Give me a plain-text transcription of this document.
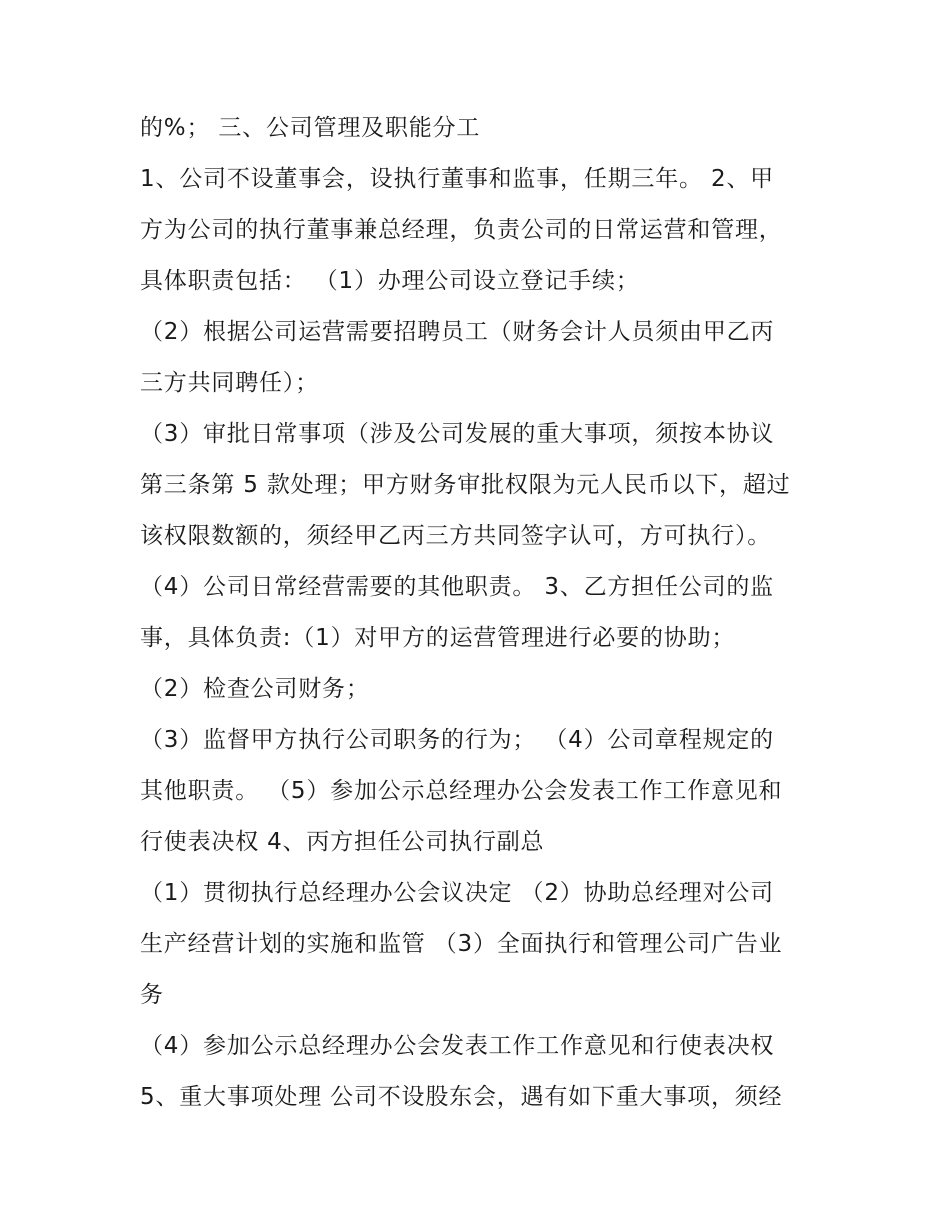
的%； 三、公司管理及职能分工
1、公司不设董事会，设执行董事和监事，任期三年。 2、甲
方为公司的执行董事兼总经理，负责公司的日常运营和管理，
具体职责包括： （1）办理公司设立登记手续；
（2）根据公司运营需要招聘员工（财务会计人员须由甲乙丙
三方共同聘任）；
（3）审批日常事项（涉及公司发展的重大事项，须按本协议
第三条第 5 款处理；甲方财务审批权限为元人民币以下，超过
该权限数额的，须经甲乙丙三方共同签字认可，方可执行）。
（4）公司日常经营需要的其他职责。 3、乙方担任公司的监
事，具体负责:（1）对甲方的运营管理进行必要的协助；
（2）检查公司财务；
（3）监督甲方执行公司职务的行为； （4）公司章程规定的
其他职责。 （5）参加公示总经理办公会发表工作工作意见和
行使表决权 4、丙方担任公司执行副总
（1）贯彻执行总经理办公会议决定 （2）协助总经理对公司
生产经营计划的实施和监管 （3）全面执行和管理公司广告业
务
（4）参加公示总经理办公会发表工作工作意见和行使表决权
5、重大事项处理 公司不设股东会，遇有如下重大事项，须经
